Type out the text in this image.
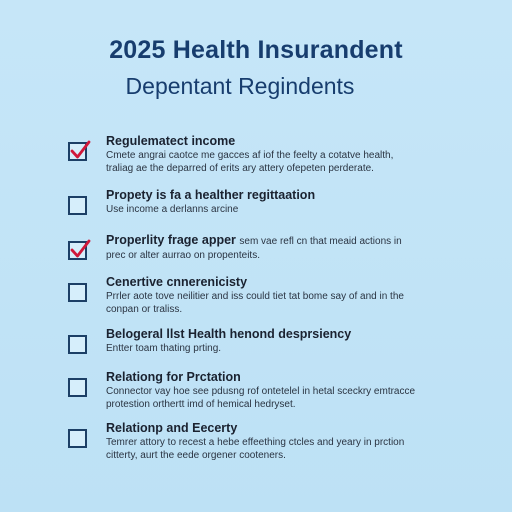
2025 Health Insurandent
Depentant Regindents
Regulematect income
Cmete angrai caotce me gacces af iof the feelty a cotatve health,
traliag ae the deparred of erits ary attery ofepeten perderate.
Propety is fa a healther regittaation
Use income a derlanns arcine
Properlity frage apper sem vae refl cn that meaid actions in
prec or alter aurrao on propenteits.
Cenertive cnnerenicisty
Prrler aote tove neilitier and iss could tiet tat bome say of and in the
conpan or traliss.
Belogeral llst Health henond desprsiency
Entter toam thating prting.
Relationg for Prctation
Connector vay hoe see pdusng rof ontetelel in hetal sceckry emtracce
protestion orthertt imd of hemical hedryset.
Relationp and Eecerty
Temrer attory to recest a hebe effeething ctcles and yeary in prction
citterty, aurt the eede orgener cooteners.
